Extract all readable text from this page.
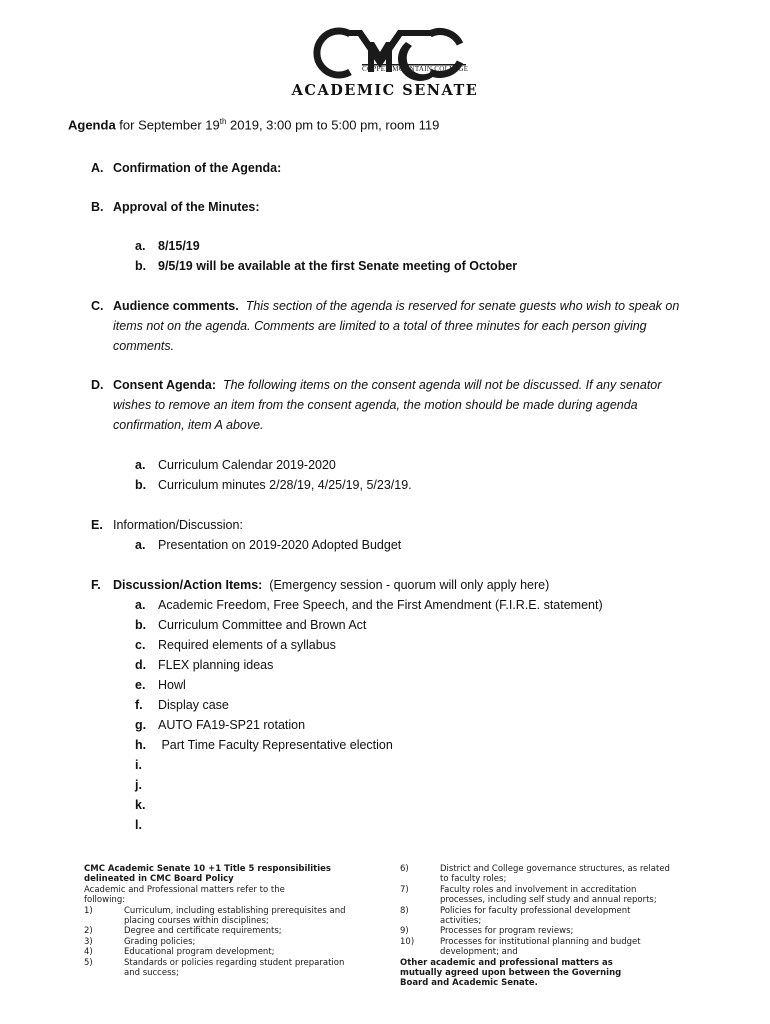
COPPER MOUNTAIN COLLEGE
ACADEMIC SENATE
Agenda for September 19th 2019, 3:00 pm to 5:00 pm, room 119
A. Confirmation of the Agenda:
B. Approval of the Minutes:
a. 8/15/19
b. 9/5/19 will be available at the first Senate meeting of October
C. Audience comments. This section of the agenda is reserved for senate guests who wish to speak on
items not on the agenda. Comments are limited to a total of three minutes for each person giving
comments.
D. Consent Agenda: The following items on the consent agenda will not be discussed. If any senator
wishes to remove an item from the consent agenda, the motion should be made during agenda
confirmation, item A above.
a. Curriculum Calendar 2019-2020
b. Curriculum minutes 2/28/19, 4/25/19, 5/23/19.
E. Information/Discussion:
a. Presentation on 2019-2020 Adopted Budget
F. Discussion/Action Items: (Emergency session - quorum will only apply here)
a. Academic Freedom, Free Speech, and the First Amendment (F.I.R.E. statement)
b. Curriculum Committee and Brown Act
c. Required elements of a syllabus
d. FLEX planning ideas
e. Howl
f. Display case
g. AUTO FA19-SP21 rotation
h. Part Time Faculty Representative election
i.
j.
k.
l.
CMC Academic Senate 10 +1 Title 5 responsibilities
delineated in CMC Board Policy
Academic and Professional matters refer to the
following:
1)	Curriculum, including establishing prerequisites and
placing courses within disciplines;
2)	Degree and certificate requirements;
3)	Grading policies;
4)	Educational program development;
5)	Standards or policies regarding student preparation
and success;
6)	District and College governance structures, as related
to faculty roles;
7)	Faculty roles and involvement in accreditation
processes, including self study and annual reports;
8)	Policies for faculty professional development
activities;
9)	Processes for program reviews;
10)	Processes for institutional planning and budget
development; and
Other academic and professional matters as
mutually agreed upon between the Governing
Board and Academic Senate.
